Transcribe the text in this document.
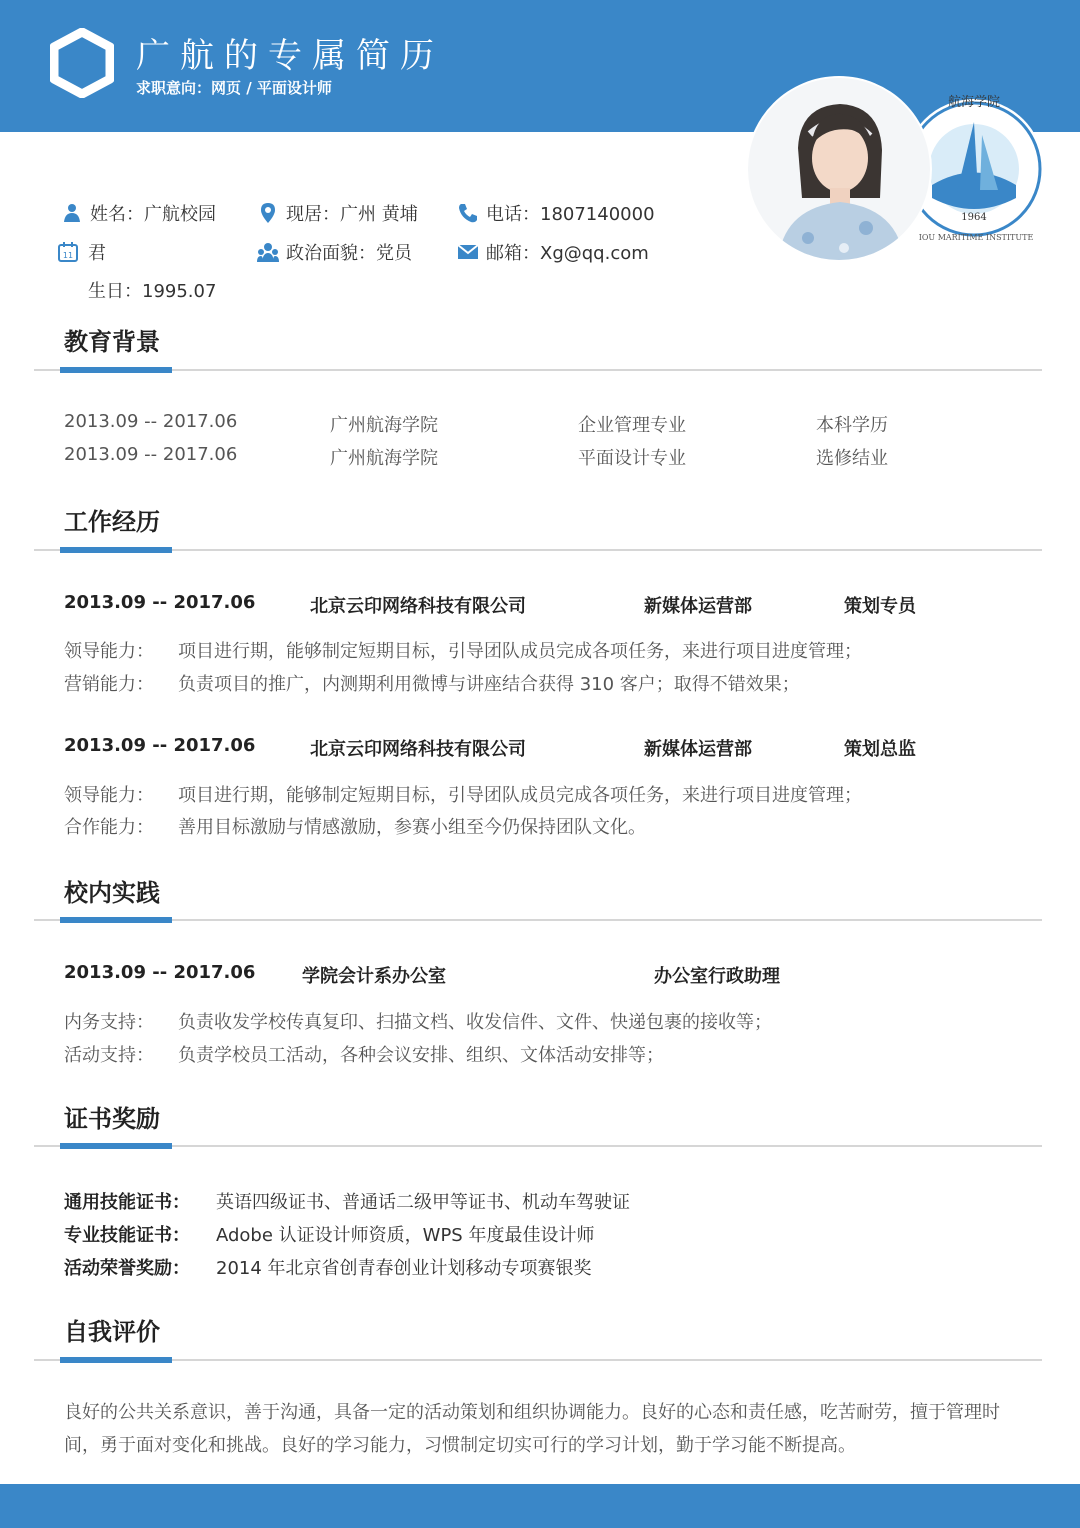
广航的专属简历
求职意向：网页 / 平面设计师
1964
航海学院
IOU MARITIME INSTITUTE
姓名：广航校园	现居：广州 黄埔	电话：1807140000
11 君	政治面貌：党员	邮箱：Xg@qq.com
生日：1995.07
教育背景
2013.09 -- 2017.06	广州航海学院	企业管理专业	本科学历
2013.09 -- 2017.06	广州航海学院	平面设计专业	选修结业
工作经历
2013.09 -- 2017.06	北京云印网络科技有限公司	新媒体运营部	策划专员
领导能力： 项目进行期，能够制定短期目标，引导团队成员完成各项任务，来进行项目进度管理；
营销能力： 负责项目的推广，内测期利用微博与讲座结合获得 310 客户；取得不错效果；
2013.09 -- 2017.06	北京云印网络科技有限公司	新媒体运营部	策划总监
领导能力： 项目进行期，能够制定短期目标，引导团队成员完成各项任务，来进行项目进度管理；
合作能力： 善用目标激励与情感激励，参赛小组至今仍保持团队文化。
校内实践
2013.09 -- 2017.06	学院会计系办公室	办公室行政助理
内务支持： 负责收发学校传真复印、扫描文档、收发信件、文件、快递包裹的接收等；
活动支持： 负责学校员工活动，各种会议安排、组织、文体活动安排等；
证书奖励
通用技能证书： 英语四级证书、普通话二级甲等证书、机动车驾驶证
专业技能证书： Adobe 认证设计师资质，WPS 年度最佳设计师
活动荣誉奖励： 2014 年北京省创青春创业计划移动专项赛银奖
自我评价
良好的公共关系意识，善于沟通，具备一定的活动策划和组织协调能力。良好的心态和责任感，吃苦耐劳，擅于管理时间，勇于面对变化和挑战。良好的学习能力，习惯制定切实可行的学习计划，勤于学习能不断提高。
